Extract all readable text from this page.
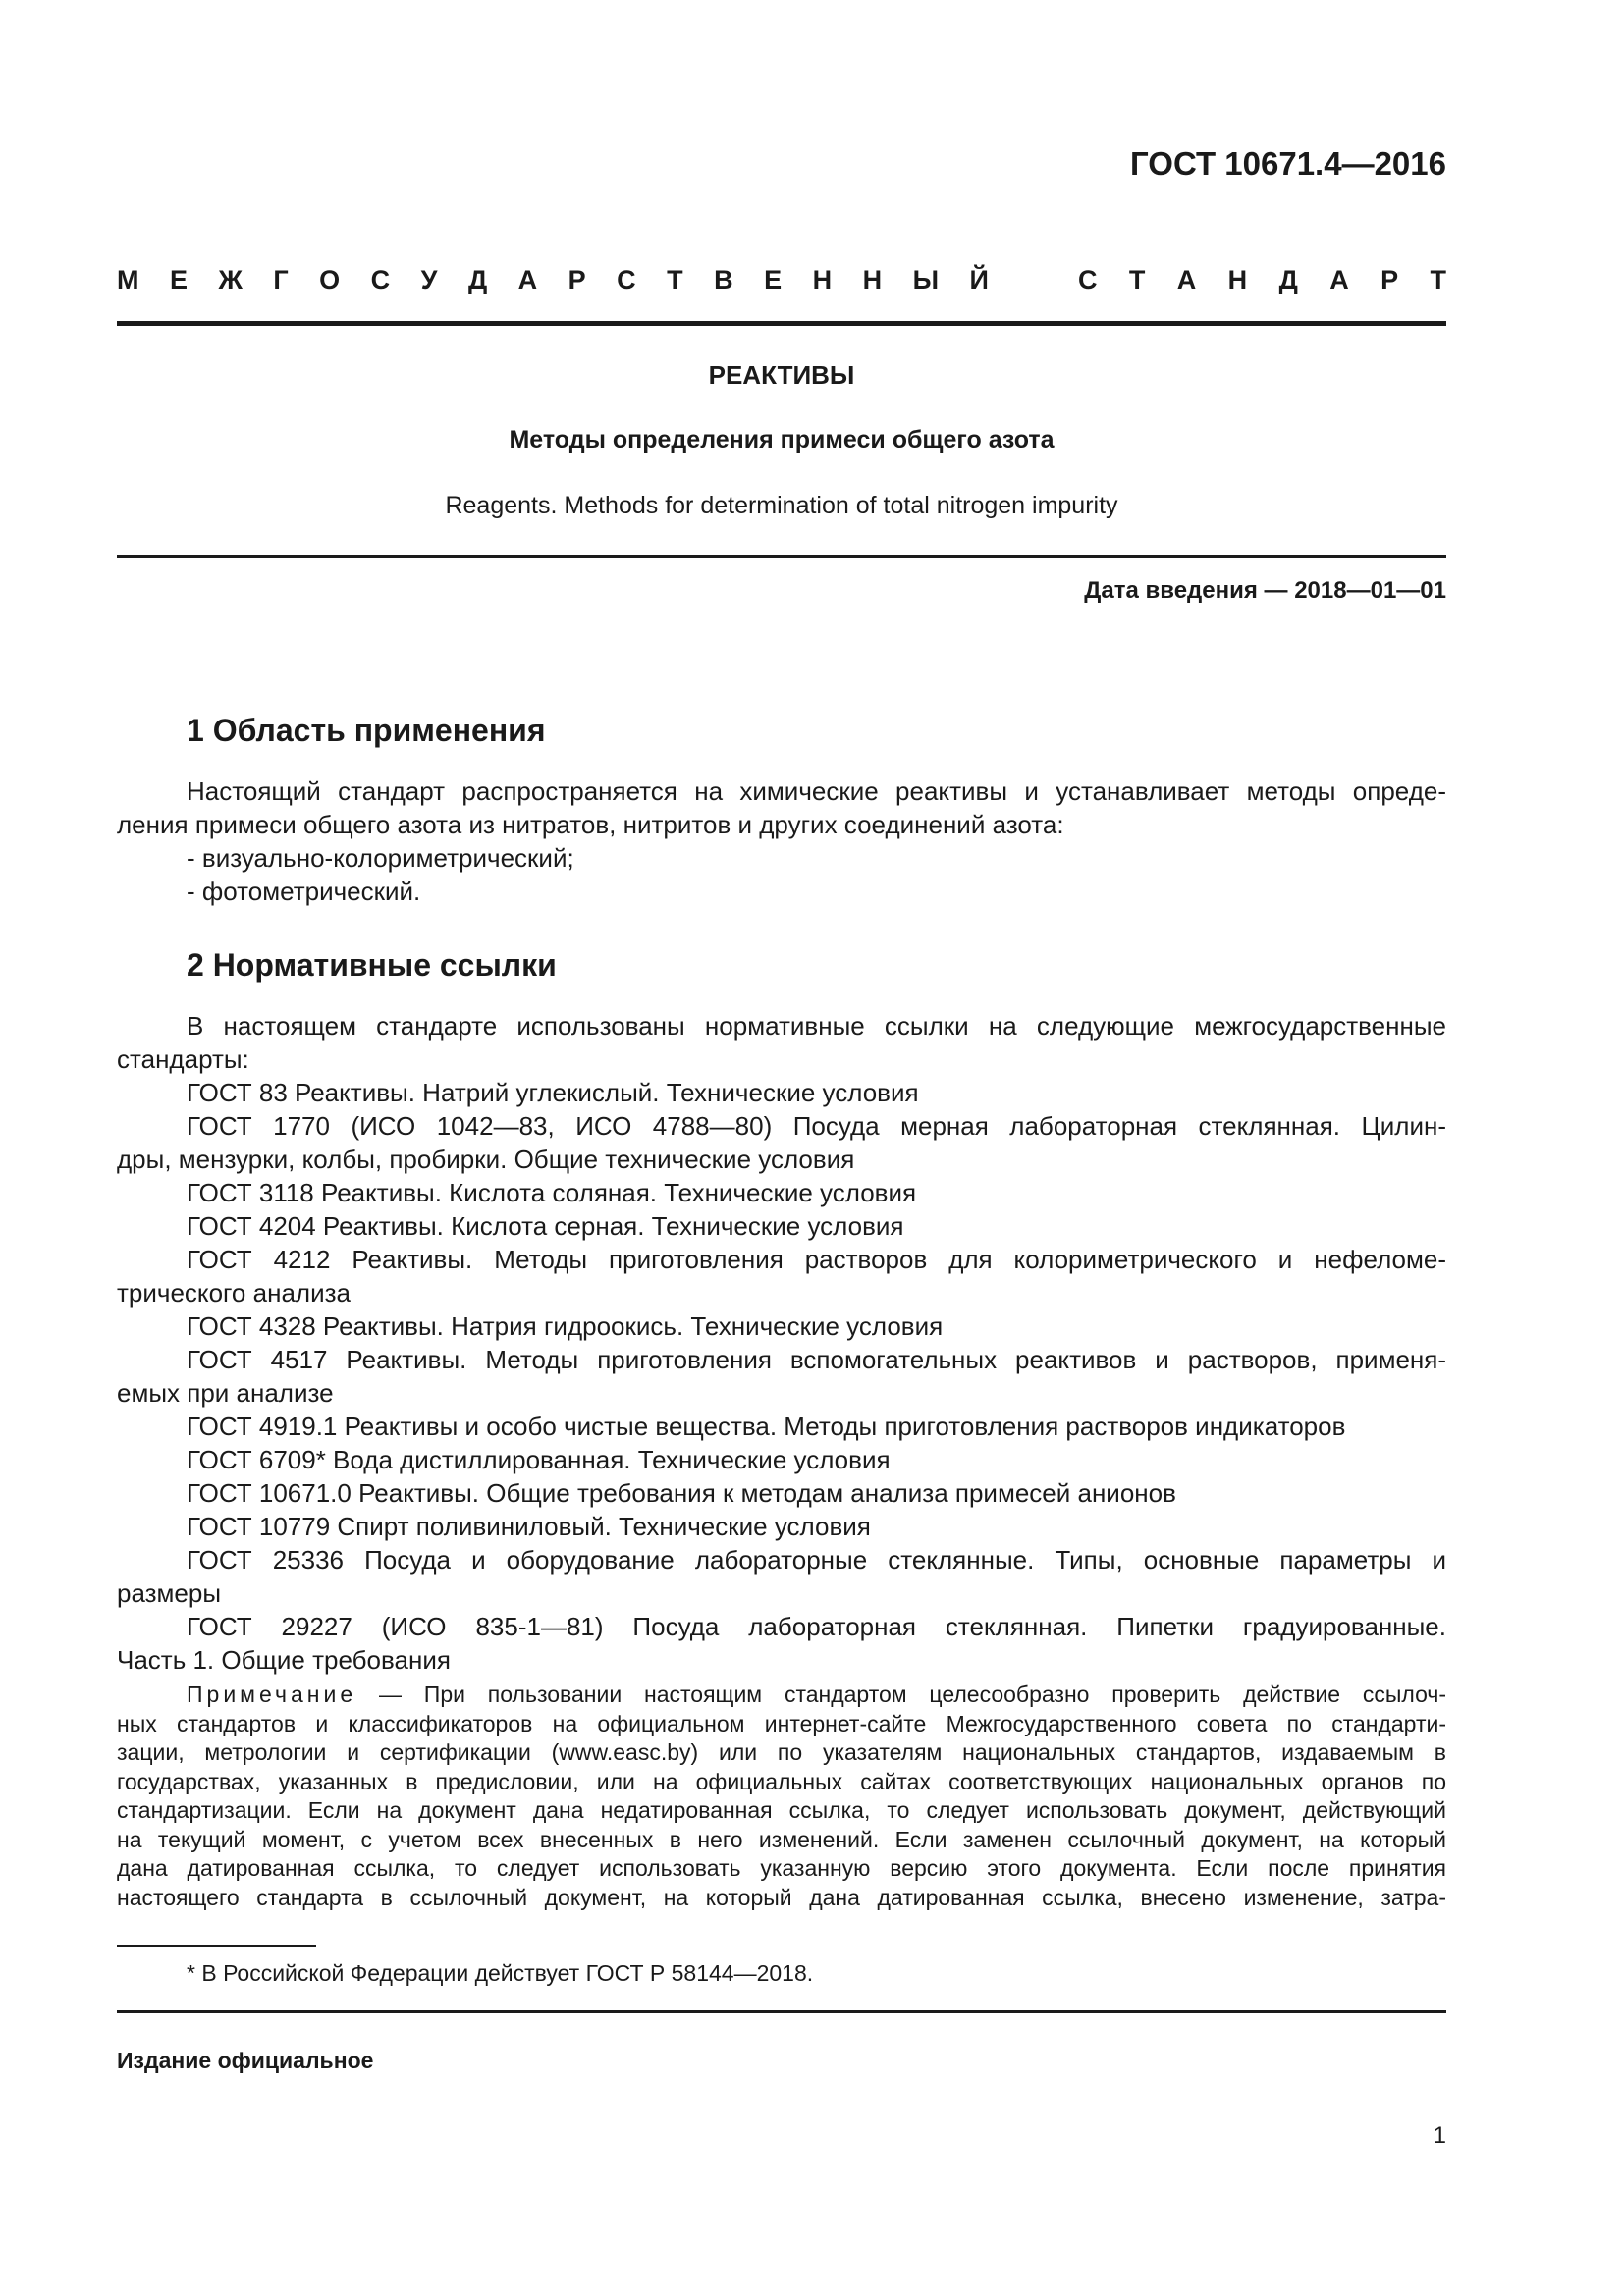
ГОСТ 10671.4—2016
М Е Ж Г О С У Д А Р С Т В Е Н Н Ы Й	С Т А Н Д А Р Т
РЕАКТИВЫ
Методы определения примеси общего азота
Reagents. Methods for determination of total nitrogen impurity
Дата введения — 2018—01—01
1 Область применения

Настоящий стандарт распространяется на химические реактивы и устанавливает методы опреде-

ления примеси общего азота из нитратов, нитритов и других соединений азота:

- визуально-колориметрический;

- фотометрический.

2 Нормативные ссылки

В настоящем стандарте использованы нормативные ссылки на следующие межгосударственные

стандарты:

ГОСТ 83 Реактивы. Натрий углекислый. Технические условия

ГОСТ 1770 (ИСО 1042—83, ИСО 4788—80) Посуда мерная лабораторная стеклянная. Цилин-

дры, мензурки, колбы, пробирки. Общие технические условия

ГОСТ 3118 Реактивы. Кислота соляная. Технические условия

ГОСТ 4204 Реактивы. Кислота серная. Технические условия

ГОСТ 4212 Реактивы. Методы приготовления растворов для колориметрического и нефеломе-

трического анализа

ГОСТ 4328 Реактивы. Натрия гидроокись. Технические условия

ГОСТ 4517 Реактивы. Методы приготовления вспомогательных реактивов и растворов, применя-

емых при анализе

ГОСТ 4919.1 Реактивы и особо чистые вещества. Методы приготовления растворов индикаторов

ГОСТ 6709* Вода дистиллированная. Технические условия

ГОСТ 10671.0 Реактивы. Общие требования к методам анализа примесей анионов

ГОСТ 10779 Спирт поливиниловый. Технические условия

ГОСТ 25336 Посуда и оборудование лабораторные стеклянные. Типы, основные параметры и

размеры

ГОСТ 29227 (ИСО 835-1—81) Посуда лабораторная стеклянная. Пипетки градуированные.

Часть 1. Общие требования

Примечание — При пользовании настоящим стандартом целесообразно проверить действие ссылоч-

ных стандартов и классификаторов на официальном интернет-сайте Межгосударственного совета по стандарти-

зации, метрологии и сертификации (www.easc.by) или по указателям национальных стандартов, издаваемым в

государствах, указанных в предисловии, или на официальных сайтах соответствующих национальных органов по

стандартизации. Если на документ дана недатированная ссылка, то следует использовать документ, действующий

на текущий момент, с учетом всех внесенных в него изменений. Если заменен ссылочный документ, на который

дана датированная ссылка, то следует использовать указанную версию этого документа. Если после принятия

настоящего стандарта в ссылочный документ, на который дана датированная ссылка, внесено изменение, затра-

* В Российской Федерации действует ГОСТ Р 58144—2018.
Издание официальное
1
